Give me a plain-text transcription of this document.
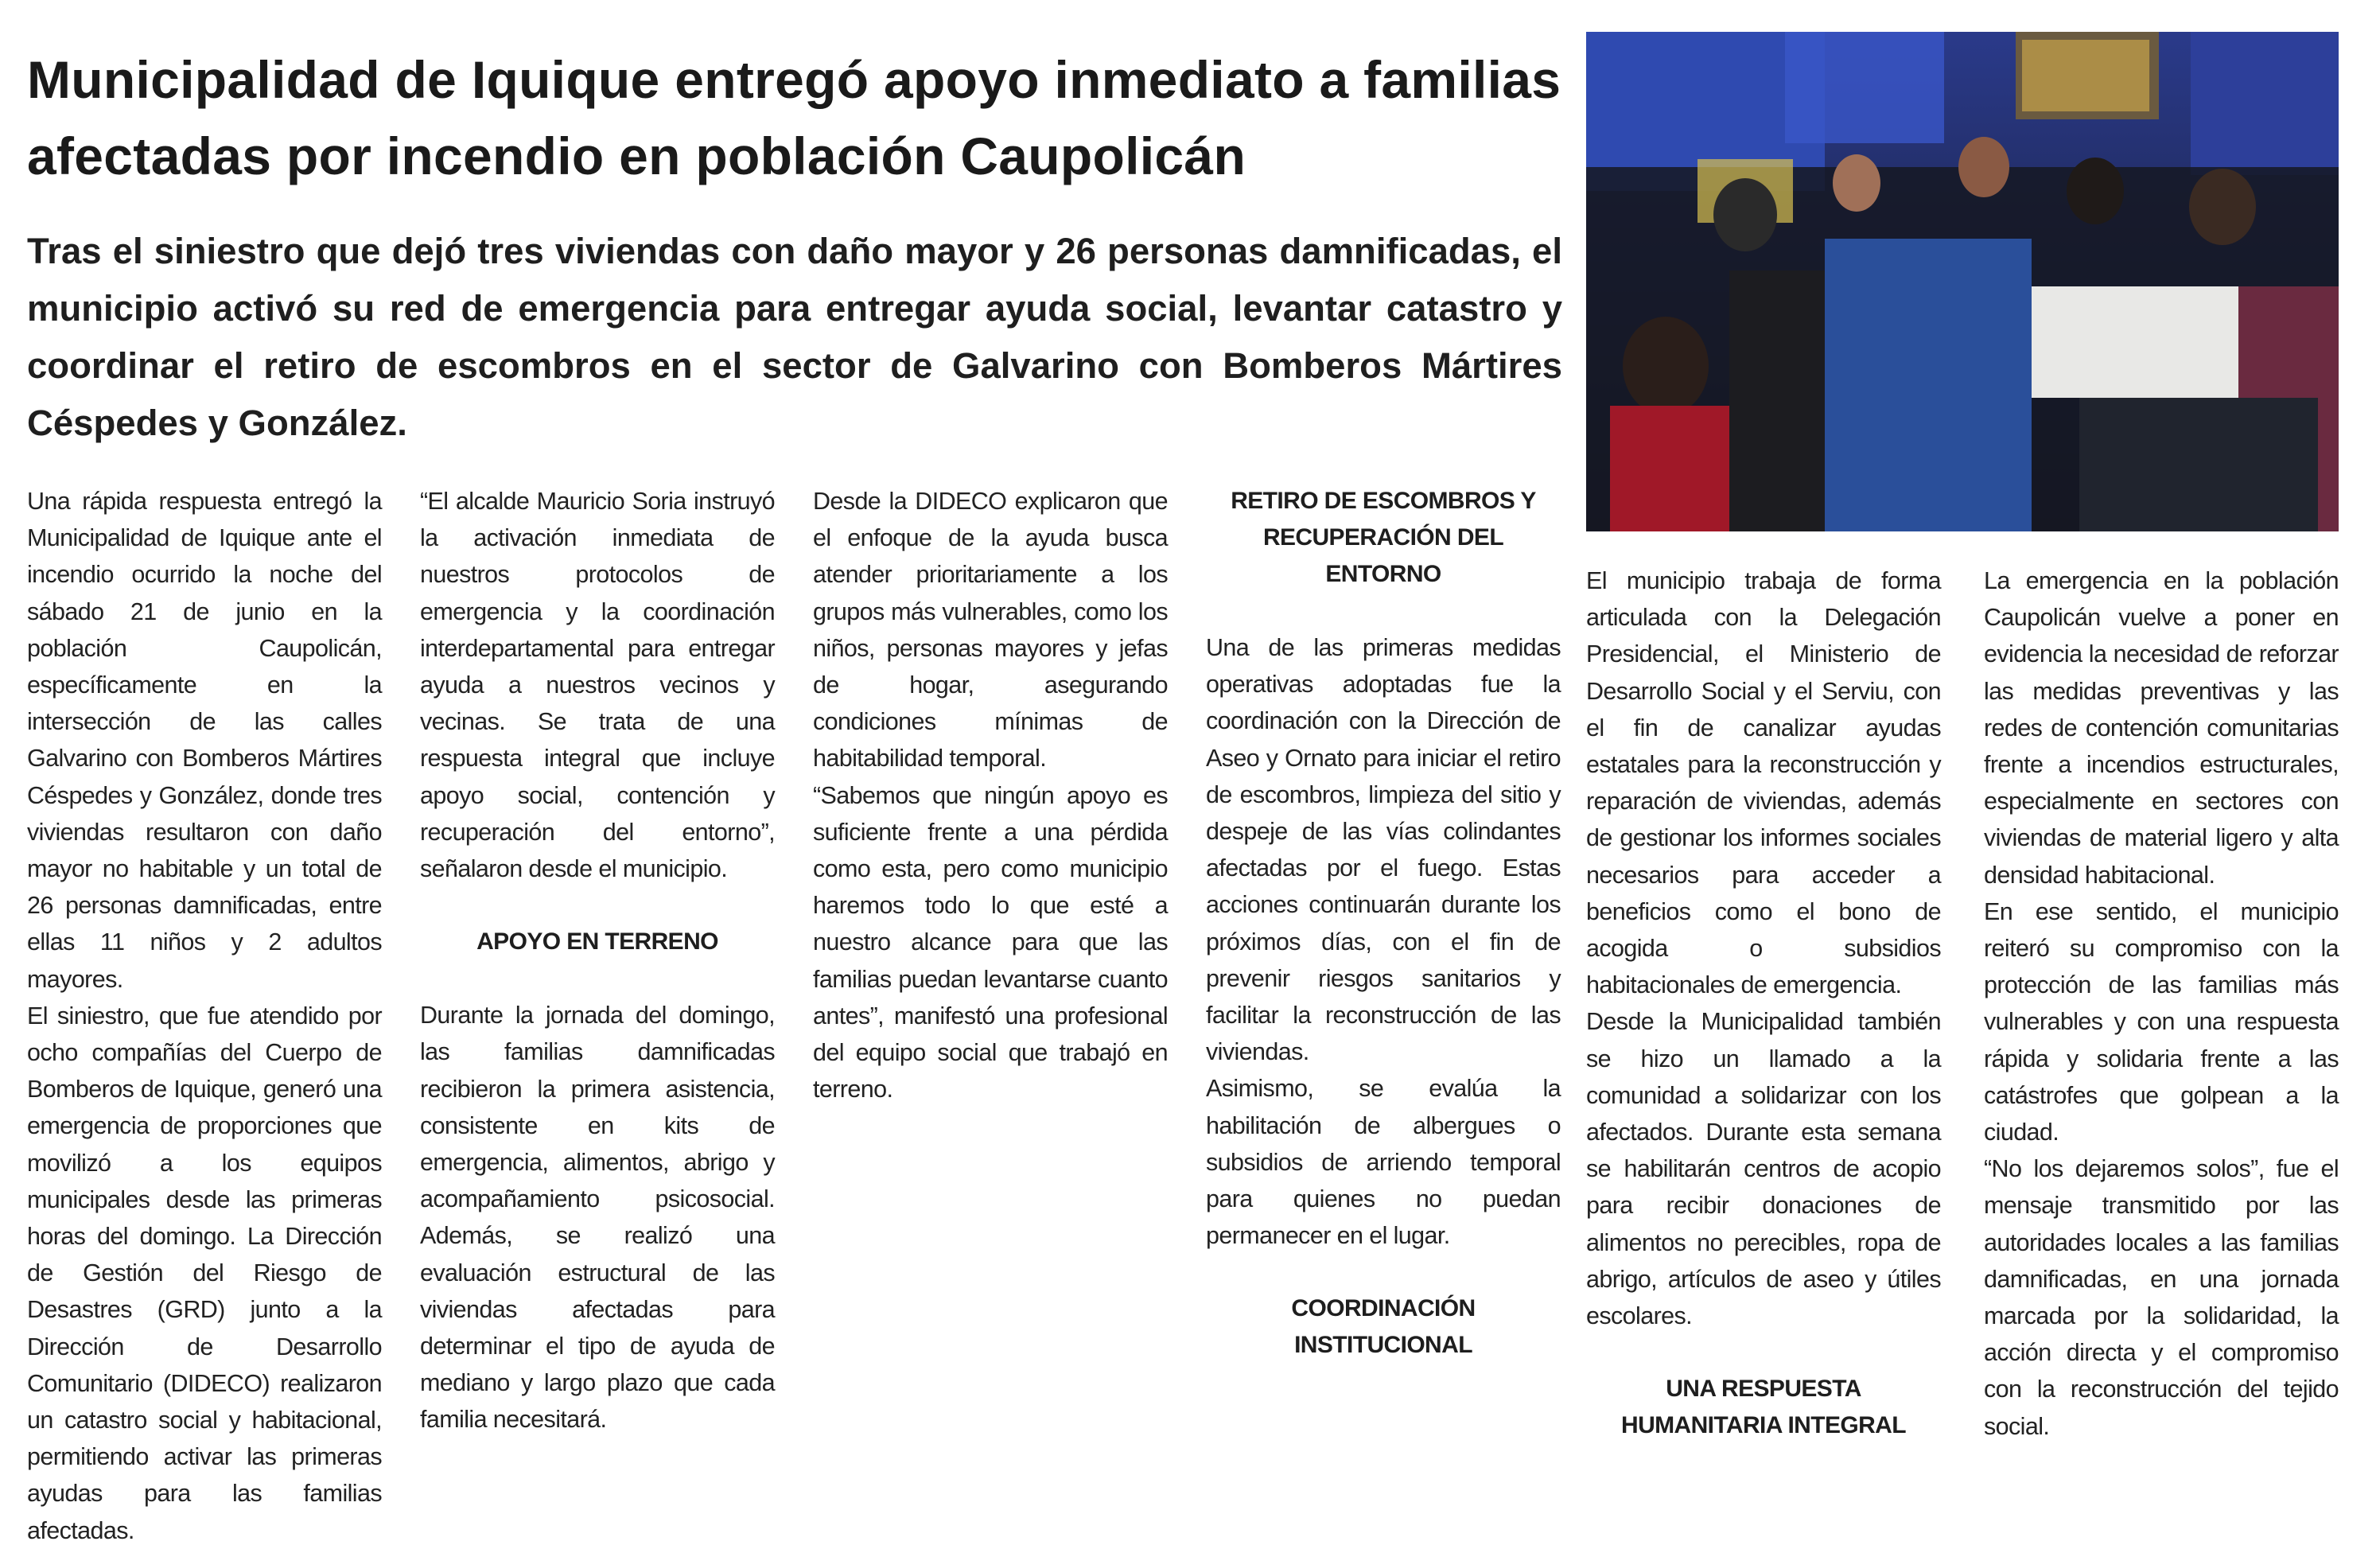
Municipalidad de Iquique entregó apoyo inmediato a familias afectadas por incendio en población Caupolicán

Tras el siniestro que dejó tres viviendas con daño mayor y 26 personas damnificadas, el municipio activó su red de emergencia para entregar ayuda social, levantar catastro y coordinar el retiro de escombros en el sector de Galvarino con Bomberos Mártires Céspedes y González.

Una rápida respuesta entregó la Municipalidad de Iquique ante el incendio ocurrido la noche del sábado 21 de junio en la población Caupolicán, específicamente en la intersección de las calles Galvarino con Bomberos Mártires Céspedes y González, donde tres viviendas resultaron con daño mayor no habitable y un total de 26 personas damnificadas, entre ellas 11 niños y 2 adultos mayores.

El siniestro, que fue atendido por ocho compañías del Cuerpo de Bomberos de Iquique, generó una emergencia de proporciones que movilizó a los equipos municipales desde las primeras horas del domingo. La Dirección de Gestión del Riesgo de Desastres (GRD) junto a la Dirección de Desarrollo Comunitario (DIDECO) realizaron un catastro social y habitacional, permitiendo activar las primeras ayudas para las familias afectadas.

“El alcalde Mauricio Soria instruyó la activación inmediata de nuestros protocolos de emergencia y la coordinación interdepartamental para entregar ayuda a nuestros vecinos y vecinas. Se trata de una respuesta integral que incluye apoyo social, contención y recuperación del entorno”, señalaron desde el municipio.

APOYO EN TERRENO

Durante la jornada del domingo, las familias damnificadas recibieron la primera asistencia, consistente en kits de emergencia, alimentos, abrigo y acompañamiento psicosocial. Además, se realizó una evaluación estructural de las viviendas afectadas para determinar el tipo de ayuda de mediano y largo plazo que cada familia necesitará.

Desde la DIDECO explicaron que el enfoque de la ayuda busca atender prioritariamente a los grupos más vulnerables, como los niños, personas mayores y jefas de hogar, asegurando condiciones mínimas de habitabilidad temporal.

“Sabemos que ningún apoyo es suficiente frente a una pérdida como esta, pero como municipio haremos todo lo que esté a nuestro alcance para que las familias puedan levantarse cuanto antes”, manifestó una profesional del equipo social que trabajó en terreno.

RETIRO DE ESCOMBROS Y RECUPERACIÓN DEL ENTORNO

Una de las primeras medidas operativas adoptadas fue la coordinación con la Dirección de Aseo y Ornato para iniciar el retiro de escombros, limpieza del sitio y despeje de las vías colindantes afectadas por el fuego. Estas acciones continuarán durante los próximos días, con el fin de prevenir riesgos sanitarios y facilitar la reconstrucción de las viviendas.

Asimismo, se evalúa la habilitación de albergues o subsidios de arriendo temporal para quienes no puedan permanecer en el lugar.

COORDINACIÓN INSTITUCIONAL

El municipio trabaja de forma articulada con la Delegación Presidencial, el Ministerio de Desarrollo Social y el Serviu, con el fin de canalizar ayudas estatales para la reconstrucción y reparación de viviendas, además de gestionar los informes sociales necesarios para acceder a beneficios como el bono de acogida o subsidios habitacionales de emergencia.

Desde la Municipalidad también se hizo un llamado a la comunidad a solidarizar con los afectados. Durante esta semana se habilitarán centros de acopio para recibir donaciones de alimentos no perecibles, ropa de abrigo, artículos de aseo y útiles escolares.

UNA RESPUESTA HUMANITARIA INTEGRAL

La emergencia en la población Caupolicán vuelve a poner en evidencia la necesidad de reforzar las medidas preventivas y las redes de contención comunitarias frente a incendios estructurales, especialmente en sectores con viviendas de material ligero y alta densidad habitacional.

En ese sentido, el municipio reiteró su compromiso con la protección de las familias más vulnerables y con una respuesta rápida y solidaria frente a las catástrofes que golpean a la ciudad.

“No los dejaremos solos”, fue el mensaje transmitido por las autoridades locales a las familias damnificadas, en una jornada marcada por la solidaridad, la acción directa y el compromiso con la reconstrucción del tejido social.
